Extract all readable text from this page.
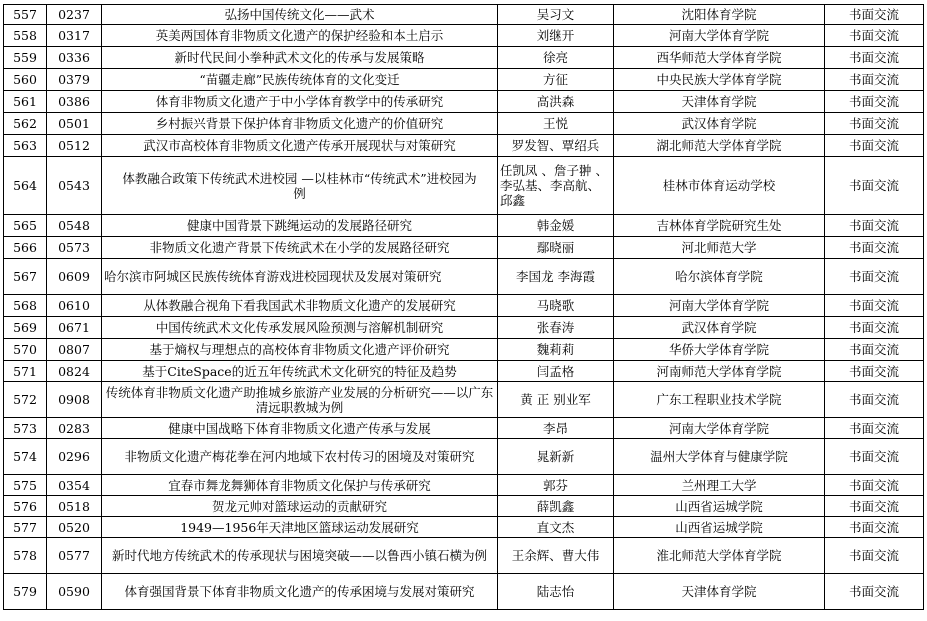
557	0237	弘扬中国传统文化——武术	吴习文	沈阳体育学院	书面交流
558	0317	英美两国体育非物质文化遗产的保护经验和本土启示	刘继开	河南大学体育学院	书面交流
559	0336	新时代民间小拳种武术文化的传承与发展策略	徐亮	西华师范大学体育学院	书面交流
560	0379	“苗疆走廊”民族传统体育的文化变迁	方征	中央民族大学体育学院	书面交流
561	0386	体育非物质文化遗产于中小学体育教学中的传承研究	高洪森	天津体育学院	书面交流
562	0501	乡村振兴背景下保护体育非物质文化遗产的价值研究	王悦	武汉体育学院	书面交流
563	0512	武汉市高校体育非物质文化遗产传承开展现状与对策研究	罗发智、覃绍兵	湖北师范大学体育学院	书面交流
564	0543	体教融合政策下传统武术进校园 —以桂林市“传统武术”进校园为例	任凯凤 、詹子翀 、李弘基、李高航、 邱鑫	桂林市体育运动学校	书面交流
565	0548	健康中国背景下跳绳运动的发展路径研究	韩金媛	吉林体育学院研究生处	书面交流
566	0573	非物质文化遗产背景下传统武术在小学的发展路径研究	鄢晓丽	河北师范大学	书面交流
567	0609	哈尔滨市阿城区民族传统体育游戏进校园现状及发展对策研究	李国龙 李海霞	哈尔滨体育学院	书面交流
568	0610	从体教融合视角下看我国武术非物质文化遗产的发展研究	马晓歌	河南大学体育学院	书面交流
569	0671	中国传统武术文化传承发展风险预测与溶解机制研究	张春涛	武汉体育学院	书面交流
570	0807	基于熵权与理想点的高校体育非物质文化遗产评价研究	魏莉莉	华侨大学体育学院	书面交流
571	0824	基于CiteSpace的近五年传统武术文化研究的特征及趋势	闫孟格	河南师范大学体育学院	书面交流
572	0908	传统体育非物质文化遗产助推城乡旅游产业发展的分析研究——以广东清远职教城为例	黄 正 别业军	广东工程职业技术学院	书面交流
573	0283	健康中国战略下体育非物质文化遗产传承与发展	李昂	河南大学体育学院	书面交流
574	0296	非物质文化遗产梅花拳在河内地域下农村传习的困境及对策研究	晁新新	温州大学体育与健康学院	书面交流
575	0354	宜春市舞龙舞狮体育非物质文化保护与传承研究	郭芬	兰州理工大学	书面交流
576	0518	贺龙元帅对篮球运动的贡献研究	薛凯鑫	山西省运城学院	书面交流
577	0520	1949—1956年天津地区篮球运动发展研究	直文杰	山西省运城学院	书面交流
578	0577	新时代地方传统武术的传承现状与困境突破——以鲁西小镇石横为例	王余辉、曹大伟	淮北师范大学体育学院	书面交流
579	0590	体育强国背景下体育非物质文化遗产的传承困境与发展对策研究	陆志怡	天津体育学院	书面交流
